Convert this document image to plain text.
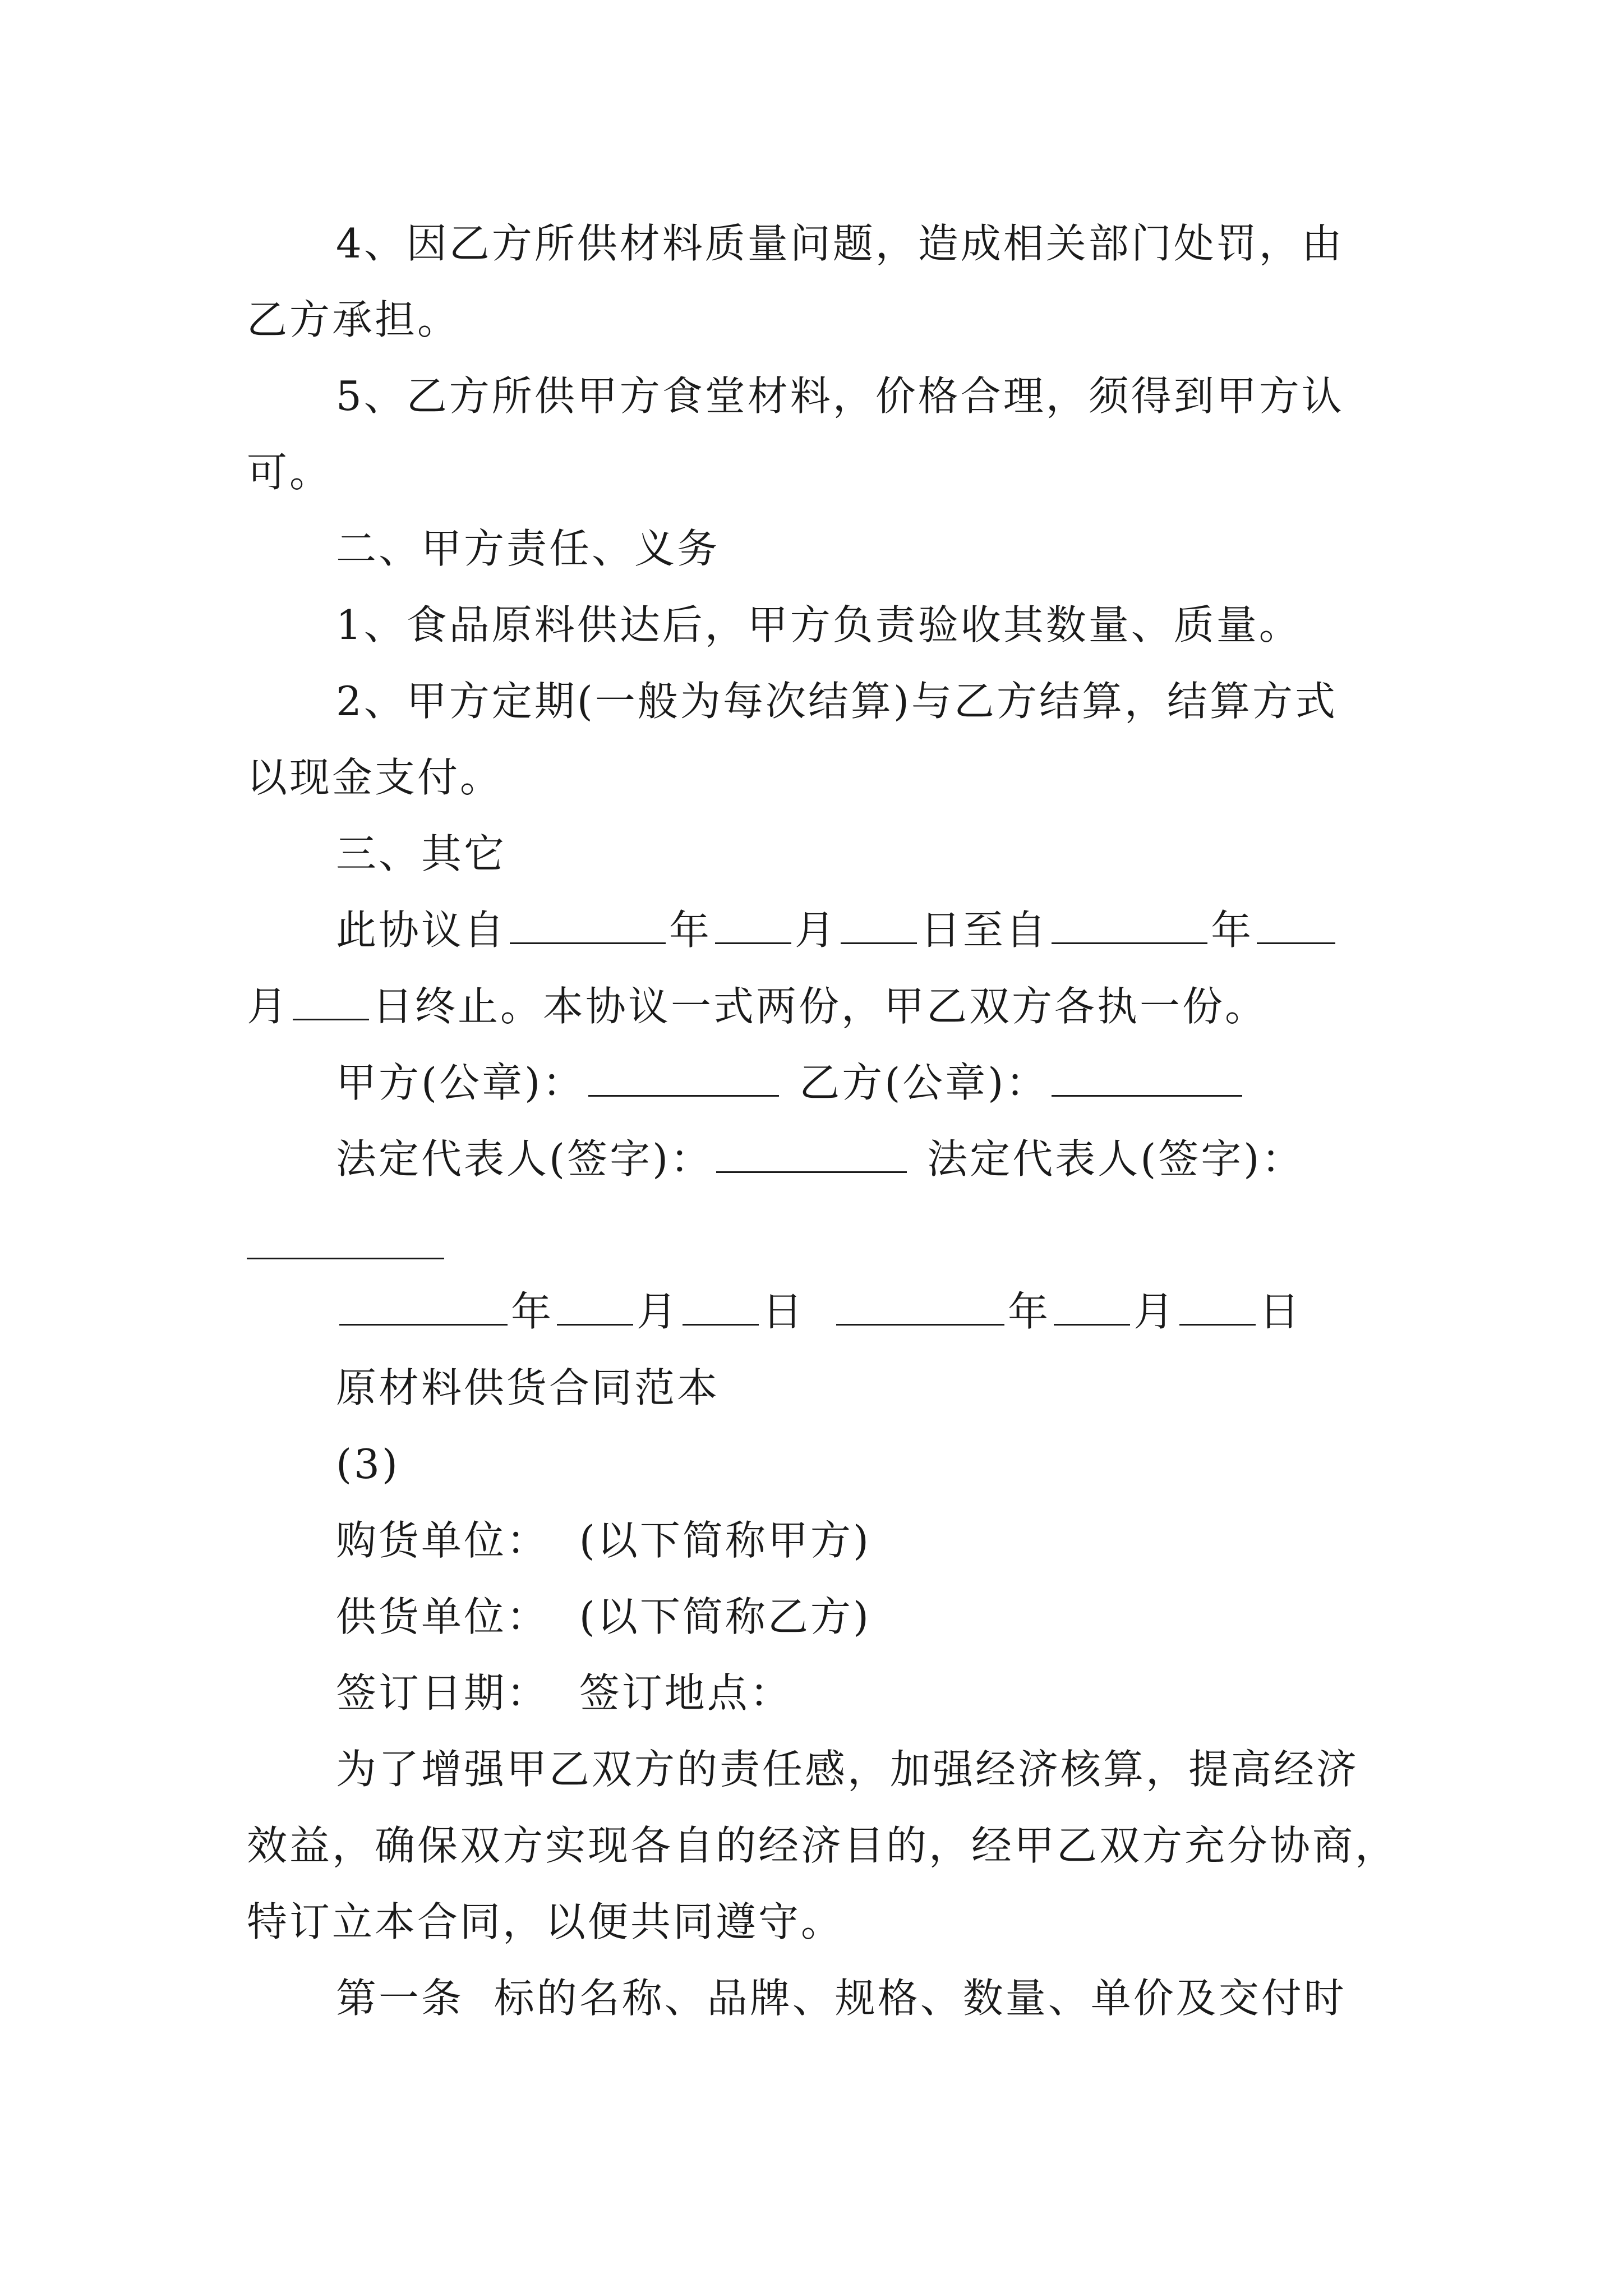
4、因乙方所供材料质量问题，造成相关部门处罚，由
乙方承担。
5、乙方所供甲方食堂材料，价格合理，须得到甲方认
可。
二、甲方责任、义务
1、食品原料供达后，甲方负责验收其数量、质量。
2、甲方定期(一般为每次结算)与乙方结算，结算方式
以现金支付。
三、其它
此协议自	年 月 日至自	年
月 日终止。本协议一式两份，甲乙双方各执一份。
甲方(公章)：	乙方(公章)：
法定代表人(签字)：	法定代表人(签字)：
年 月 日	年 月 日
原材料供货合同范本
(3)
购货单位：  (以下简称甲方)
供货单位：  (以下简称乙方)
签订日期：  签订地点：
为了增强甲乙双方的责任感，加强经济核算，提高经济
效益，确保双方实现各自的经济目的，经甲乙双方充分协商，
特订立本合同，以便共同遵守。
第一条  标的名称、品牌、规格、数量、单价及交付时
